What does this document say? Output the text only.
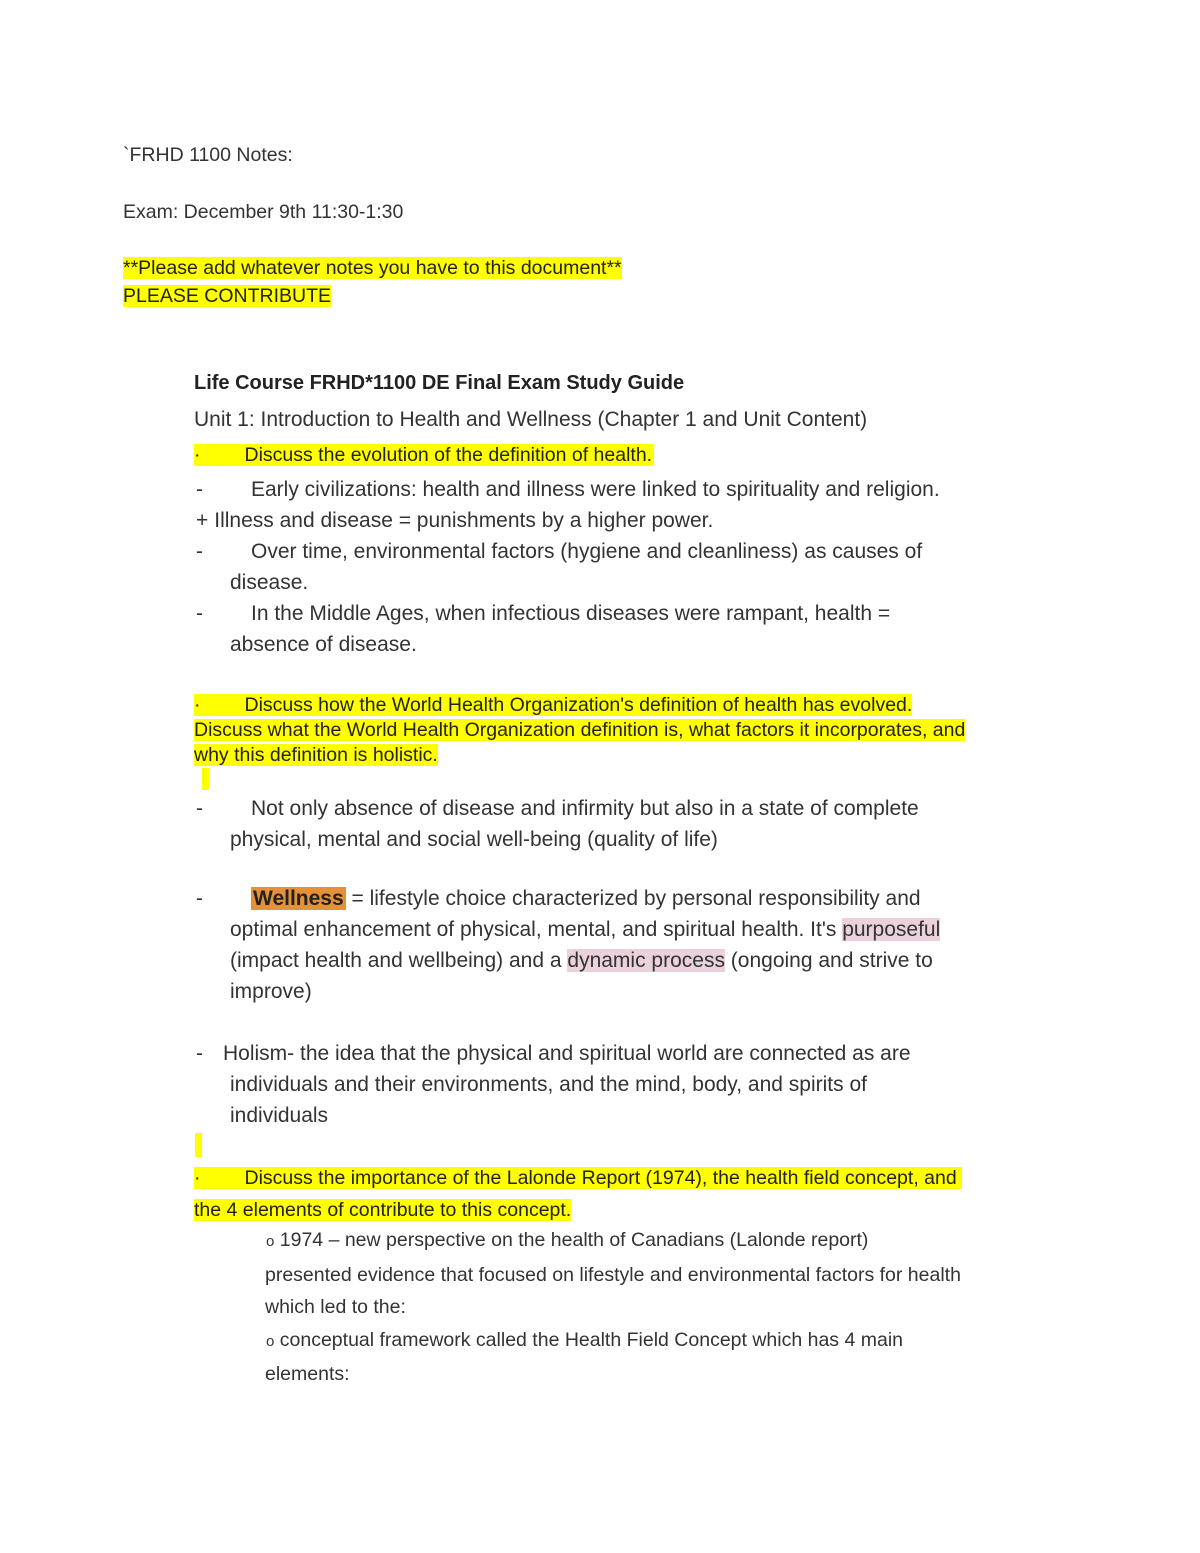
`FRHD 1100 Notes:
Exam: December 9th 11:30-1:30
**Please add whatever notes you have to this document**
PLEASE CONTRIBUTE
Life Course FRHD*1100 DE Final Exam Study Guide
Unit 1: Introduction to Health and Wellness (Chapter 1 and Unit Content)
· Discuss the evolution of the definition of health.
- Early civilizations: health and illness were linked to spirituality and religion.
+ Illness and disease = punishments by a higher power.
- Over time, environmental factors (hygiene and cleanliness) as causes of
disease.
- In the Middle Ages, when infectious diseases were rampant, health =
absence of disease.
· Discuss how the World Health Organization's definition of health has evolved.
Discuss what the World Health Organization definition is, what factors it incorporates, and
why this definition is holistic.
- Not only absence of disease and infirmity but also in a state of complete
physical, mental and social well-being (quality of life)
- Wellness = lifestyle choice characterized by personal responsibility and
optimal enhancement of physical, mental, and spiritual health. It's purposeful
(impact health and wellbeing) and a dynamic process (ongoing and strive to
improve)
- Holism- the idea that the physical and spiritual world are connected as are
individuals and their environments, and the mind, body, and spirits of
individuals
· Discuss the importance of the Lalonde Report (1974), the health field concept, and
the 4 elements of contribute to this concept.
o 1974 – new perspective on the health of Canadians (Lalonde report)
presented evidence that focused on lifestyle and environmental factors for health
which led to the:
o conceptual framework called the Health Field Concept which has 4 main
elements:
